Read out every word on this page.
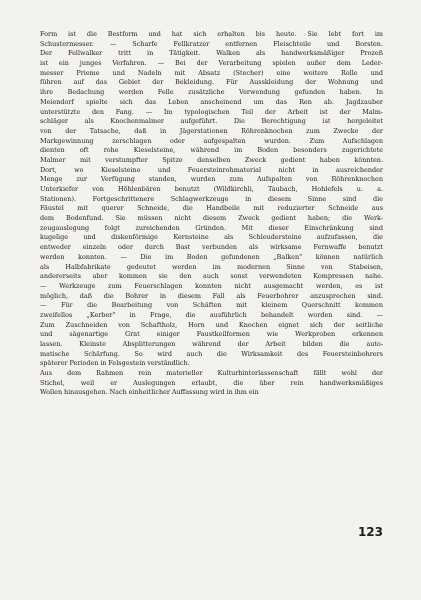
Form ist die Bestform und hat sich erhalten bis heute. Sie lebt fort im
Schustermesser. — Scharfe Fellkratzer entfernen Fleischteile und Borsten.
Der Fellwalker tritt in Tätigkeit. Walken als handwerksmäßiger Prozeß
ist ein junges Verfahren. — Bei der Verarbeitung spielen außer dem Leder-
messer Prieme und Nadeln mit Absatz (Stecher) eine weitere Rolle und
führen auf das Gebiet der Bekleidung. Für Ausskleidung der Wohnung und
ihre Bedachung werden Felle zusätzliche Verwendung gefunden haben. In
Meiendorf spielte sich das Leben anscheinend um das Ren ab. Jagdzauber
unterstützte den Fang. — Im typologischen Teil der Arbeit ist der Malm-
schläger als Knochenmalmer aufgeführt. Die Berechtigung ist hergeleitet
von der Tatsache, daß in Jägerstationen Röhrenknochen zum Zwecke der
Markgewinnung zerschlagen oder aufgespalten wurden. Zum Aufschlagen
dienten oft rohe Kieselsteine, während im Boden besonders zugerichtete
Malmer mit verstumpfter Spitze denselben Zweck gedient haben könnten.
Dort, wo Kieselsteine und Feuersteinrohmaterial nicht in ausreichender
Menge zur Verfügung standen, wurden zum Aufspalten von Röhrenknochen
Unterkiefer von Höhlenbären benutzt (Wildkirchli, Taubach, Hohlefels u. a.
Stationen). Fortgeschrittenere Schlagwerkzeuge in diesem Sinne sind die
Fäustel mit querer Schneide, die Handbeile mit reduzierter Schneide aus
dem Bodenfund. Sie müssen nicht diesem Zweck gedient haben; die Werk-
zeugauslegung folgt zureichenden Gründen. Mit dieser Einschränkung sind
kugelige und diskenförmige Kernsteine als Schleudersteine aufzufassen, die
entweder einzeln oder durch Bast verbunden als wirksame Fernwaffe benutzt
werden konnten. — Die im Boden gefundenen „Balken" können natürlich
als Halbfabrikate gedeutet werden im modernen Sinne von Stabeisen,
andererseits aber kommen sie den auch sonst verwendeten Kompressen nahe.
— Werkzeuge zum Feuerschlagen konnten nicht ausgemacht werden, es ist
möglich, daß die Bohrer in diesem Fall als Feuerbohrer anzusprechen sind.
— Für die Bearbeitung von Schäften mit kleinem Querschnitt kommen
zweifellos „Kerber" in Frage, die ausführlich behandelt worden sind. —
Zum Zuschneiden von Schaftholz, Horn und Knochen eignet sich der seitliche
und sägenartige Grat einiger Faustkeilformen wie Werkproben erkennen
lassen. Kleinste Absplitterungen während der Arbeit bilden die auto-
matische Schärfung. So wird auch die Wirksamkeit des Feuersteinbohrers
späterer Perioden in Felsgestein verständlich.

Aus dem Rahmen rein materieller Kulturhinterlassenschaft fällt wohl der
Stichel, weil er Auslegungen erlaubt, die über rein handwerksmäßiges
Wollen hinausgehen. Nach einheitlicher Auffassung wird in ihm ein

123
